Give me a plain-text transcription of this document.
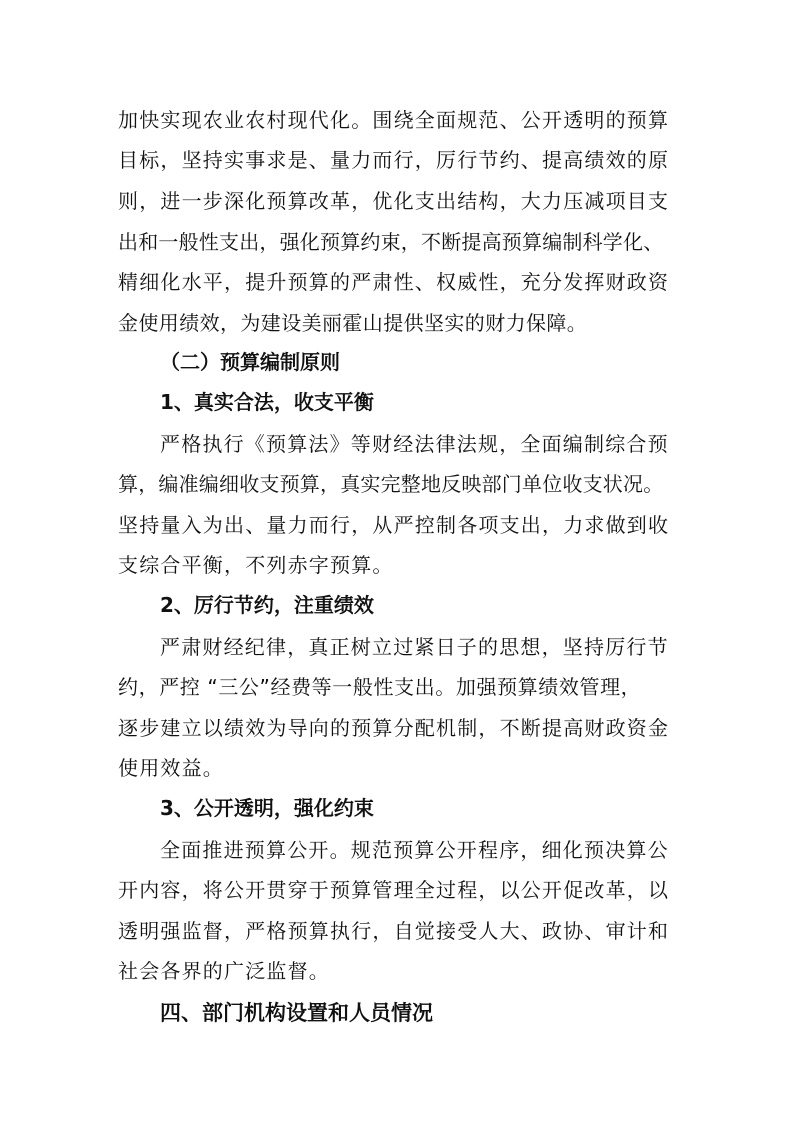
加快实现农业农村现代化。围绕全面规范、公开透明的预算
目标，坚持实事求是、量力而行，厉行节约、提高绩效的原
则，进一步深化预算改革，优化支出结构，大力压减项目支
出和一般性支出，强化预算约束，不断提高预算编制科学化、
精细化水平，提升预算的严肃性、权威性，充分发挥财政资
金使用绩效，为建设美丽霍山提供坚实的财力保障。
（二）预算编制原则
1、真实合法，收支平衡
严格执行《预算法》等财经法律法规，全面编制综合预
算，编准编细收支预算，真实完整地反映部门单位收支状况。
坚持量入为出、量力而行，从严控制各项支出，力求做到收
支综合平衡，不列赤字预算。
2、厉行节约，注重绩效
严肃财经纪律，真正树立过紧日子的思想，坚持厉行节
约，严控 “三公”经费等一般性支出。加强预算绩效管理，
逐步建立以绩效为导向的预算分配机制，不断提高财政资金
使用效益。
3、公开透明，强化约束
全面推进预算公开。规范预算公开程序，细化预决算公
开内容，将公开贯穿于预算管理全过程，以公开促改革，以
透明强监督，严格预算执行，自觉接受人大、政协、审计和
社会各界的广泛监督。
四、部门机构设置和人员情况
